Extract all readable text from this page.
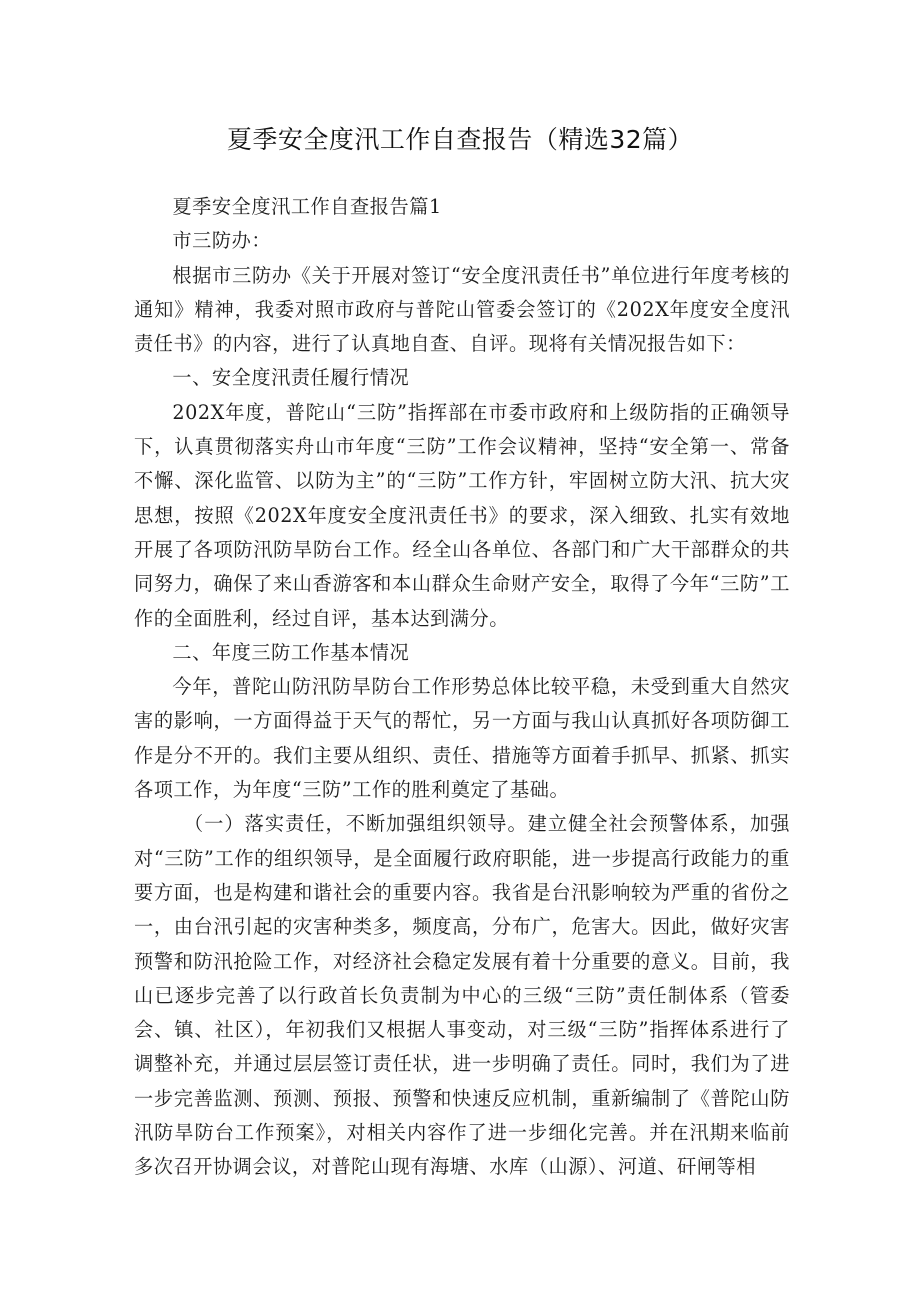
夏季安全度汛工作自查报告（精选32篇）

夏季安全度汛工作自查报告篇1

市三防办：

根据市三防办《关于开展对签订“安全度汛责任书”单位进行年度考核的通知》精神，我委对照市政府与普陀山管委会签订的《202X年度安全度汛责任书》的内容，进行了认真地自查、自评。现将有关情况报告如下：

一、安全度汛责任履行情况

202X年度，普陀山“三防”指挥部在市委市政府和上级防指的正确领导下，认真贯彻落实舟山市年度“三防”工作会议精神，坚持“安全第一、常备不懈、深化监管、以防为主”的“三防”工作方针，牢固树立防大汛、抗大灾思想，按照《202X年度安全度汛责任书》的要求，深入细致、扎实有效地开展了各项防汛防旱防台工作。经全山各单位、各部门和广大干部群众的共同努力，确保了来山香游客和本山群众生命财产安全，取得了今年“三防”工作的全面胜利，经过自评，基本达到满分。

二、年度三防工作基本情况

今年，普陀山防汛防旱防台工作形势总体比较平稳，未受到重大自然灾害的影响，一方面得益于天气的帮忙，另一方面与我山认真抓好各项防御工作是分不开的。我们主要从组织、责任、措施等方面着手抓早、抓紧、抓实各项工作，为年度“三防”工作的胜利奠定了基础。

（一）落实责任，不断加强组织领导。建立健全社会预警体系，加强对“三防”工作的组织领导，是全面履行政府职能，进一步提高行政能力的重要方面，也是构建和谐社会的重要内容。我省是台汛影响较为严重的省份之一，由台汛引起的灾害种类多，频度高，分布广，危害大。因此，做好灾害预警和防汛抢险工作，对经济社会稳定发展有着十分重要的意义。目前，我山已逐步完善了以行政首长负责制为中心的三级“三防”责任制体系（管委会、镇、社区），年初我们又根据人事变动，对三级“三防”指挥体系进行了调整补充，并通过层层签订责任状，进一步明确了责任。同时，我们为了进一步完善监测、预测、预报、预警和快速反应机制，重新编制了《普陀山防汛防旱防台工作预案》，对相关内容作了进一步细化完善。并在汛期来临前多次召开协调会议，对普陀山现有海塘、水库（山源）、河道、矸闸等相
